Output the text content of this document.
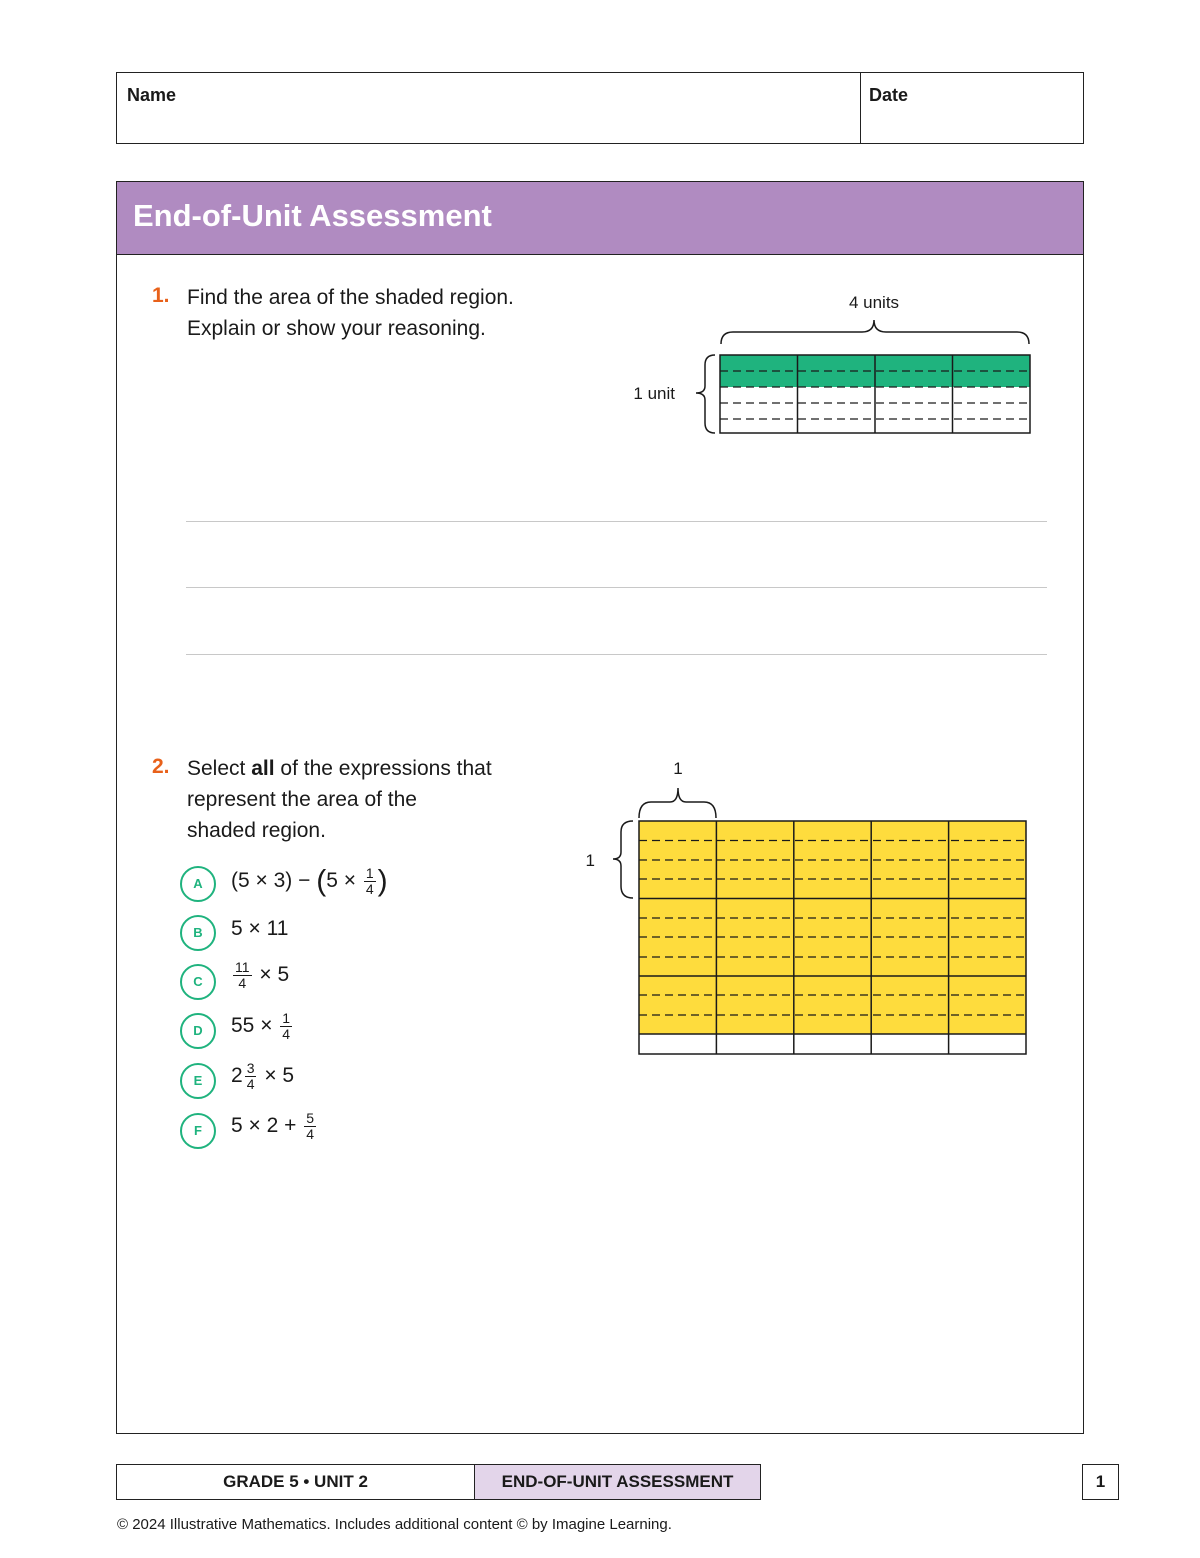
Name	Date
End-of-Unit Assessment
1. Find the area of the shaded region.
Explain or show your reasoning.
4 units
1 unit
2. Select all of the expressions that
represent the area of the
shaded region.
A	$(5 \times 3) - (5 \times \frac{1}{4}$ )
B	5 × 11
C	$\frac{11}{4} \times 5$
D	$55 \times \frac{1}{4}$
E	$2 \frac{3}{4} \times 5$
F	$5 \times 2 + \frac{5}{4}$
1
1
GRADE 5 • UNIT 2	END-OF-UNIT ASSESSMENT	1
© 2024 Illustrative Mathematics. Includes additional content © by Imagine Learning.
